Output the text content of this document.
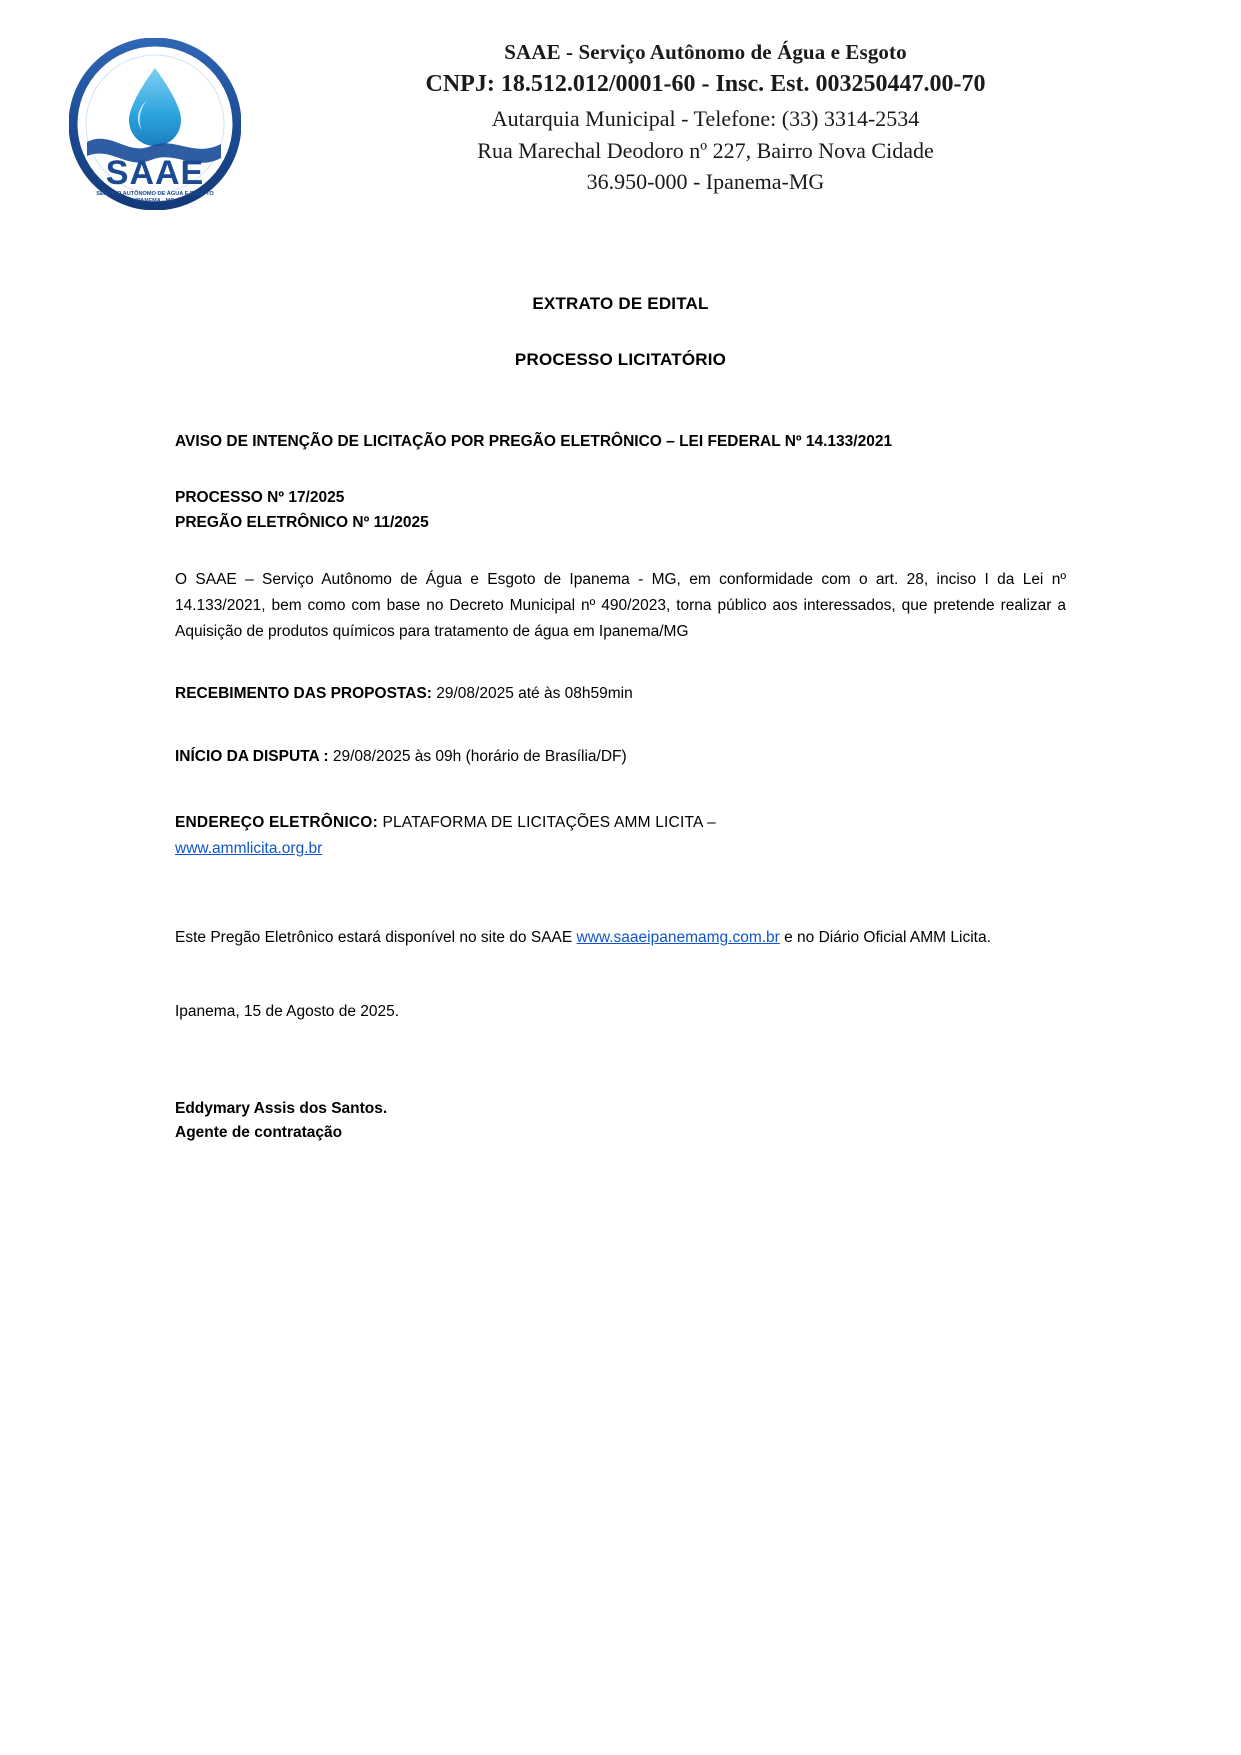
SAAE
SERVIÇO AUTÔNOMO DE ÁGUA E ESGOTO
IPANEMA - MG
SAAE - Serviço Autônomo de Água e Esgoto
CNPJ: 18.512.012/0001-60 - Insc. Est. 003250447.00-70
Autarquia Municipal - Telefone: (33) 3314-2534
Rua Marechal Deodoro nº 227, Bairro Nova Cidade
36.950-000 - Ipanema-MG
EXTRATO DE EDITAL
PROCESSO LICITATÓRIO
AVISO DE INTENÇÃO DE LICITAÇÃO POR PREGÃO ELETRÔNICO – LEI FEDERAL Nº 14.133/2021
PROCESSO Nº 17/2025
PREGÃO ELETRÔNICO Nº 11/2025
O SAAE – Serviço Autônomo de Água e Esgoto de Ipanema - MG, em conformidade com o art. 28, inciso I da Lei nº 14.133/2021, bem como com base no Decreto Municipal nº 490/2023, torna público aos interessados, que pretende realizar a Aquisição de produtos químicos para tratamento de água em Ipanema/MG
RECEBIMENTO DAS PROPOSTAS: 29/08/2025 até às 08h59min
INÍCIO DA DISPUTA : 29/08/2025 às 09h (horário de Brasília/DF)
ENDEREÇO ELETRÔNICO: PLATAFORMA DE LICITAÇÕES AMM LICITA –
www.ammlicita.org.br
Este Pregão Eletrônico estará disponível no site do SAAE www.saaeipanemamg.com.br e no Diário Oficial AMM Licita.
Ipanema, 15 de Agosto de 2025.
Eddymary Assis dos Santos.
Agente de contratação
